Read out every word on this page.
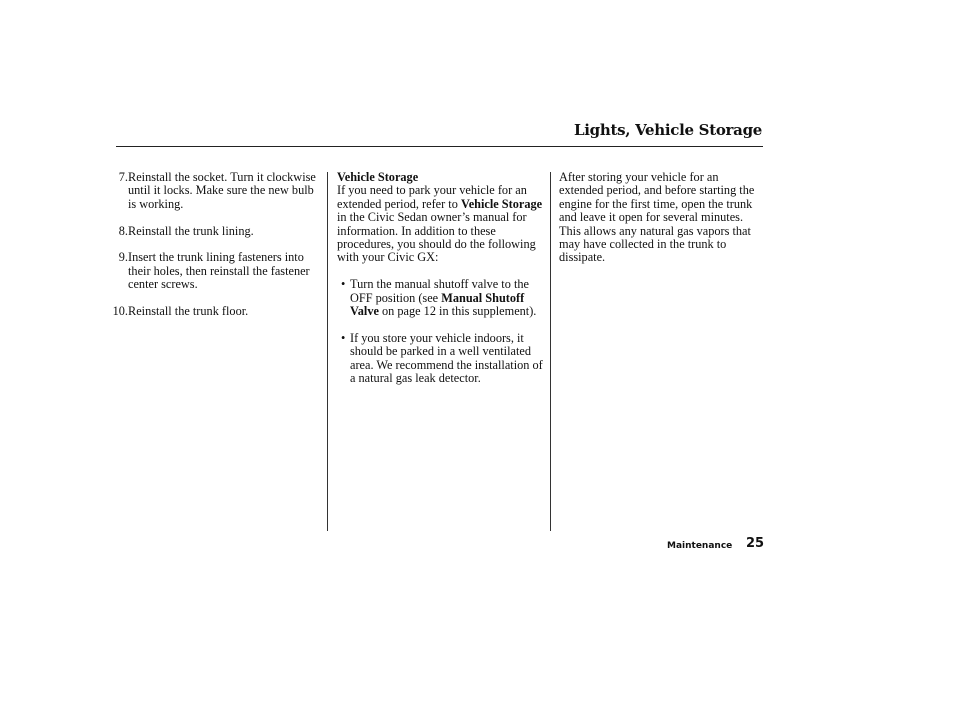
Lights, Vehicle Storage
7. Reinstall the socket. Turn it clockwise until it locks. Make sure the new bulb is working.
8. Reinstall the trunk lining.
9. Insert the trunk lining fasteners into their holes, then reinstall the fastener center screws.
10. Reinstall the trunk floor.
Vehicle Storage
If you need to park your vehicle for an extended period, refer to Vehicle Storage in the Civic Sedan owner’s manual for information. In addition to these procedures, you should do the following with your Civic GX:
• Turn the manual shutoff valve to the OFF position (see Manual Shutoff Valve on page 12 in this supplement).
• If you store your vehicle indoors, it should be parked in a well ventilated area. We recommend the installation of a natural gas leak detector.
After storing your vehicle for an extended period, and before starting the engine for the first time, open the trunk and leave it open for several minutes. This allows any natural gas vapors that may have collected in the trunk to dissipate.
Maintenance 25
